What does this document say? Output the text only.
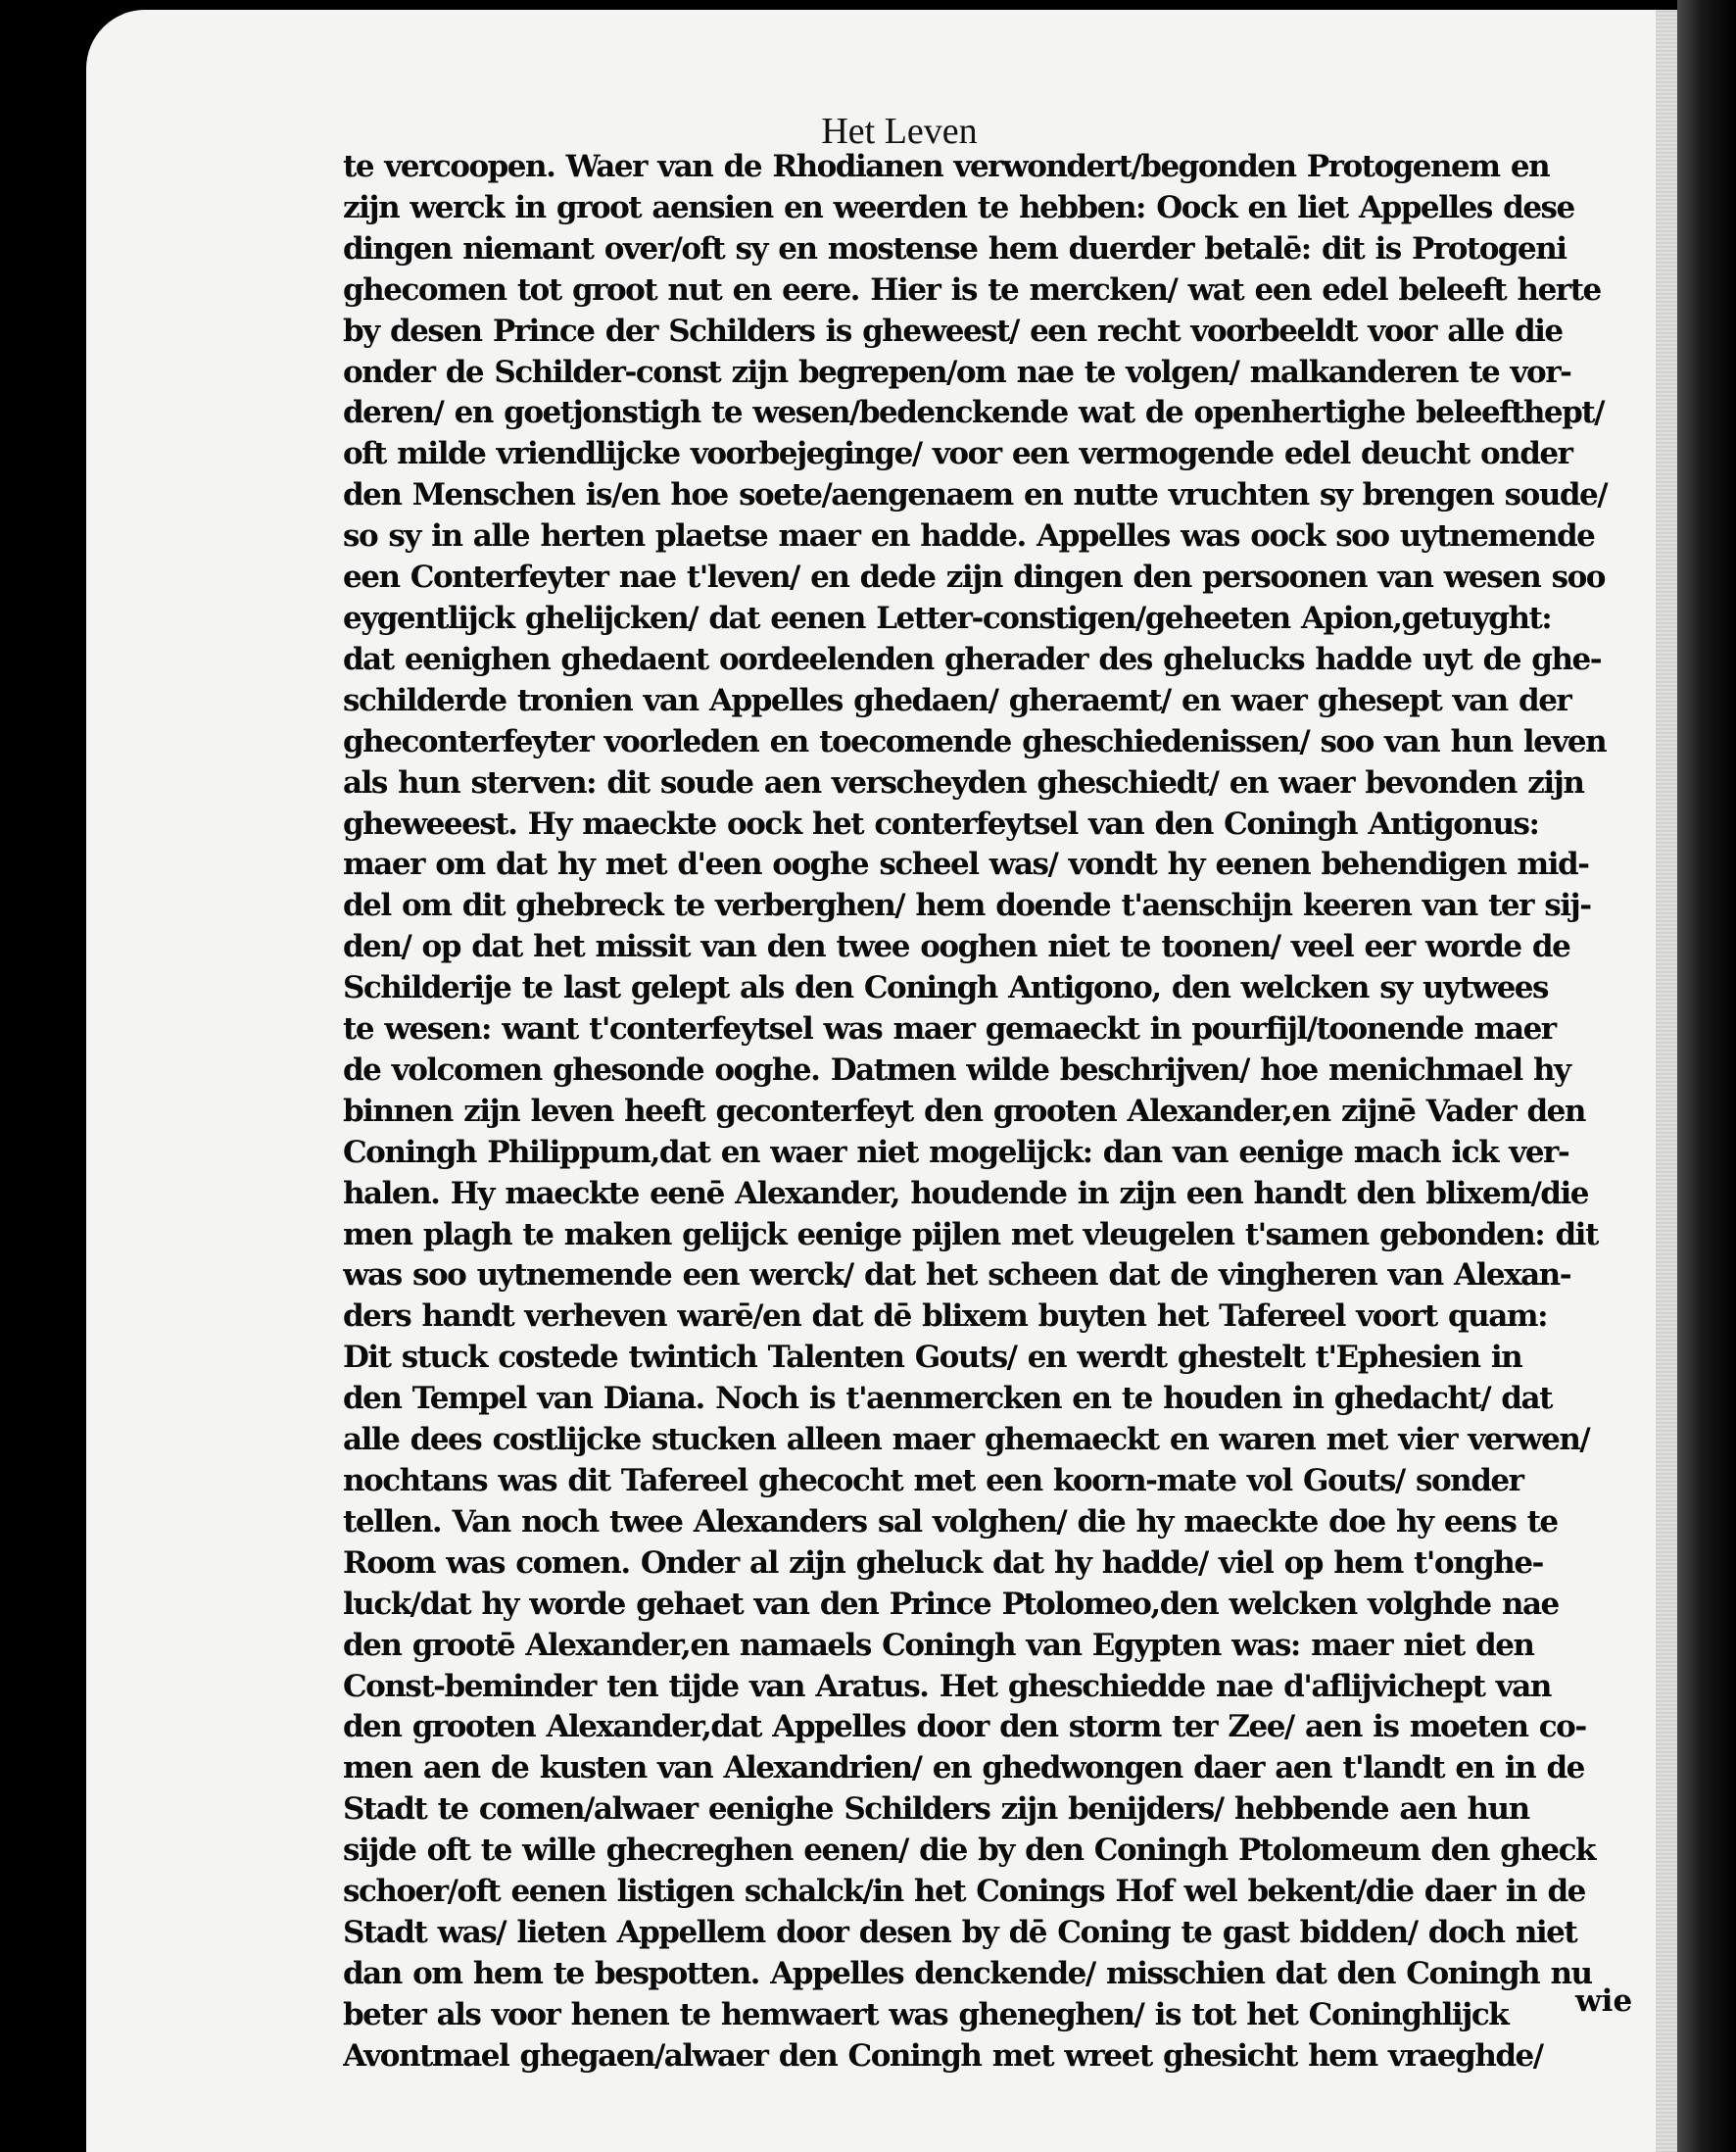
Het Leven
te vercoopen. Waer van de Rhodianen verwondert/begonden Protogenem en
zijn werck in groot aensien en weerden te hebben: Oock en liet Appelles dese
dingen niemant over/oft sy en mostense hem duerder betalē: dit is Protogeni
ghecomen tot groot nut en eere. Hier is te mercken/ wat een edel beleeft herte
by desen Prince der Schilders is gheweest/ een recht voorbeeldt voor alle die
onder de Schilder-const zijn begrepen/om nae te volgen/ malkanderen te vor-
deren/ en goetjonstigh te wesen/bedenckende wat de openhertighe beleefthept/
oft milde vriendlijcke voorbejeginge/ voor een vermogende edel deucht onder
den Menschen is/en hoe soete/aengenaem en nutte vruchten sy brengen soude/
so sy in alle herten plaetse maer en hadde. Appelles was oock soo uytnemende
een Conterfeyter nae t'leven/ en dede zijn dingen den persoonen van wesen soo
eygentlijck ghelijcken/ dat eenen Letter-constigen/geheeten Apion,getuyght:
dat eenighen ghedaent oordeelenden gherader des ghelucks hadde uyt de ghe-
schilderde tronien van Appelles ghedaen/ gheraemt/ en waer ghesept van der
gheconterfeyter voorleden en toecomende gheschiedenissen/ soo van hun leven
als hun sterven: dit soude aen verscheyden gheschiedt/ en waer bevonden zijn
gheweeest. Hy maeckte oock het conterfeytsel van den Coningh Antigonus:
maer om dat hy met d'een ooghe scheel was/ vondt hy eenen behendigen mid-
del om dit ghebreck te verberghen/ hem doende t'aenschijn keeren van ter sij-
den/ op dat het missit van den twee ooghen niet te toonen/ veel eer worde de
Schilderije te last gelept als den Coningh Antigono, den welcken sy uytwees
te wesen: want t'conterfeytsel was maer gemaeckt in pourfijl/toonende maer
de volcomen ghesonde ooghe. Datmen wilde beschrijven/ hoe menichmael hy
binnen zijn leven heeft geconterfeyt den grooten Alexander,en zijnē Vader den
Coningh Philippum,dat en waer niet mogelijck: dan van eenige mach ick ver-
halen. Hy maeckte eenē Alexander, houdende in zijn een handt den blixem/die
men plagh te maken gelijck eenige pijlen met vleugelen t'samen gebonden: dit
was soo uytnemende een werck/ dat het scheen dat de vingheren van Alexan-
ders handt verheven warē/en dat dē blixem buyten het Tafereel voort quam:
Dit stuck costede twintich Talenten Gouts/ en werdt ghestelt t'Ephesien in
den Tempel van Diana. Noch is t'aenmercken en te houden in ghedacht/ dat
alle dees costlijcke stucken alleen maer ghemaeckt en waren met vier verwen/
nochtans was dit Tafereel ghecocht met een koorn-mate vol Gouts/ sonder
tellen. Van noch twee Alexanders sal volghen/ die hy maeckte doe hy eens te
Room was comen. Onder al zijn gheluck dat hy hadde/ viel op hem t'onghe-
luck/dat hy worde gehaet van den Prince Ptolomeo,den welcken volghde nae
den grootē Alexander,en namaels Coningh van Egypten was: maer niet den
Const-beminder ten tijde van Aratus. Het gheschiedde nae d'aflijvichept van
den grooten Alexander,dat Appelles door den storm ter Zee/ aen is moeten co-
men aen de kusten van Alexandrien/ en ghedwongen daer aen t'landt en in de
Stadt te comen/alwaer eenighe Schilders zijn benijders/ hebbende aen hun
sijde oft te wille ghecreghen eenen/ die by den Coningh Ptolomeum den gheck
schoer/oft eenen listigen schalck/in het Conings Hof wel bekent/die daer in de
Stadt was/ lieten Appellem door desen by dē Coning te gast bidden/ doch niet
dan om hem te bespotten. Appelles denckende/ misschien dat den Coningh nu
beter als voor henen te hemwaert was gheneghen/ is tot het Coninghlijck
Avontmael ghegaen/alwaer den Coningh met wreet ghesicht hem vraeghde/
wie
